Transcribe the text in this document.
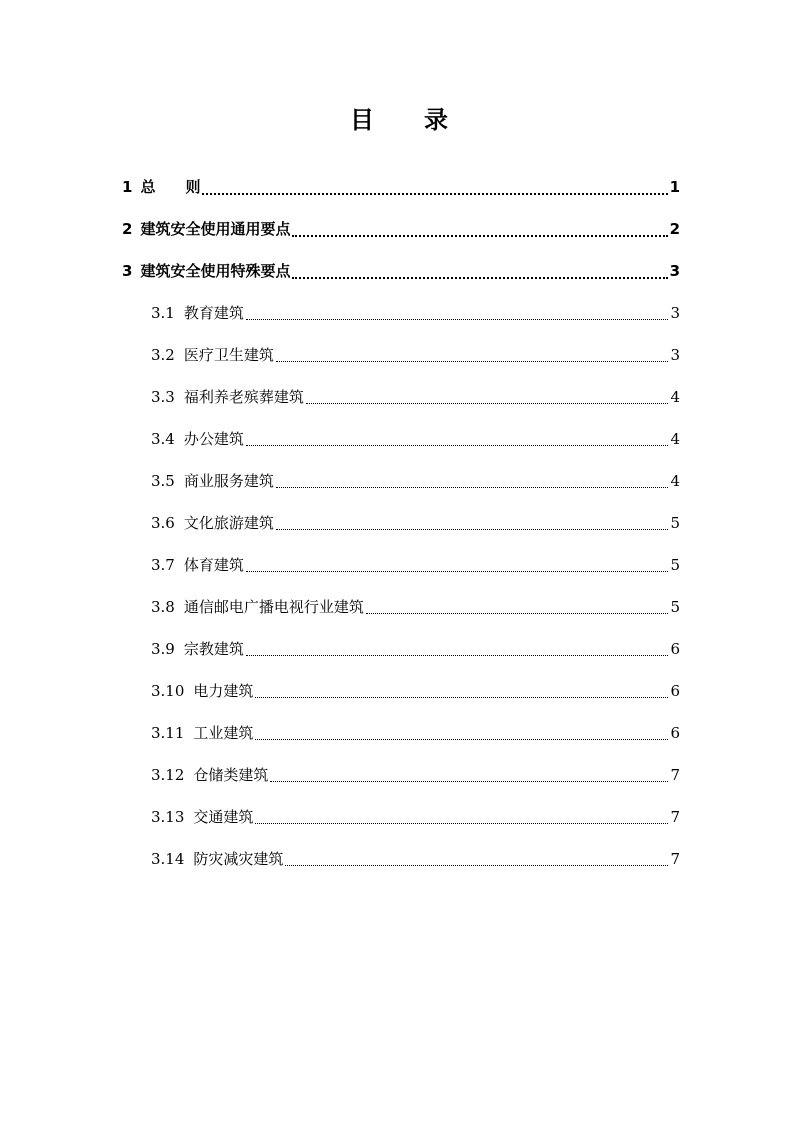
目 录
1 总 则	1
2 建筑安全使用通用要点	2
3 建筑安全使用特殊要点	3
3.1 教育建筑	3
3.2 医疗卫生建筑	3
3.3 福利养老殡葬建筑	4
3.4 办公建筑	4
3.5 商业服务建筑	4
3.6 文化旅游建筑	5
3.7 体育建筑	5
3.8 通信邮电广播电视行业建筑	5
3.9 宗教建筑	6
3.10 电力建筑	6
3.11 工业建筑	6
3.12 仓储类建筑	7
3.13 交通建筑	7
3.14 防灾减灾建筑	7
